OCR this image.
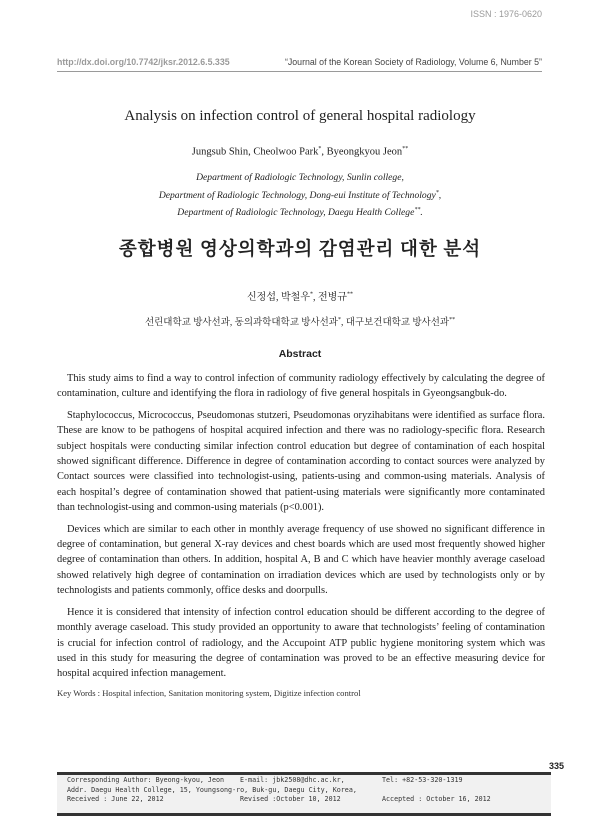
ISSN : 1976-0620
http://dx.doi.org/10.7742/jksr.2012.6.5.335	“Journal of the Korean Society of Radiology, Volume 6, Number 5”
Analysis on infection control of general hospital radiology
Jungsub Shin, Cheolwoo Park*, Byeongkyou Jeon**
Department of Radiologic Technology, Sunlin college,
Department of Radiologic Technology, Dong-eui Institute of Technology*,
Department of Radiologic Technology, Daegu Health College**.
종합병원 영상의학과의 감염관리 대한 분석
신정섭, 박철우*, 전병규**
선린대학교 방사선과, 동의과학대학교 방사선과*, 대구보건대학교 방사선과**
Abstract

This study aims to find a way to control infection of community radiology effectively by calculating the degree of contamination, culture and identifying the flora in radiology of five general hospitals in Gyeongsangbuk-do.

Staphylococcus, Micrococcus, Pseudomonas stutzeri, Pseudomonas oryzihabitans were identified as surface flora. These are know to be pathogens of hospital acquired infection and there was no radiology-specific flora. Research subject hospitals were conducting similar infection control education but degree of contamination of each hospital showed significant difference. Difference in degree of contamination according to contact sources were analyzed by Contact sources were classified into technologist-using, patients-using and common-using materials. Analysis of each hospital’s degree of contamination showed that patient-using materials were significantly more contaminated than technologist-using and common-using materials (p<0.001).

Devices which are similar to each other in monthly average frequency of use showed no significant difference in degree of contamination, but general X-ray devices and chest boards which are used most frequently showed higher degree of contamination than others. In addition, hospital A, B and C which have heavier monthly average caseload showed relatively high degree of contamination on irradiation devices which are used by technologists only or by technologists and patients commonly, office desks and doorpulls.

Hence it is considered that intensity of infection control education should be different according to the degree of monthly average caseload. This study provided an opportunity to aware that technologists’ feeling of contamination is crucial for infection control of radiology, and the Accupoint ATP public hygiene monitoring system which was used in this study for measuring the degree of contamination was proved to be an effective measuring device for hospital acquired infection management.

Key Words : Hospital infection, Sanitation monitoring system, Digitize infection control
335
Corresponding Author: Byeong-kyou, Jeon	E-mail: jbk2508@dhc.ac.kr,	Tel: +82-53-320-1319
Addr. Daegu Health College, 15, Youngsong-ro, Buk-gu, Daegu City, Korea,
Received : June 22, 2012	Revised :October 10, 2012	Accepted : October 16, 2012
